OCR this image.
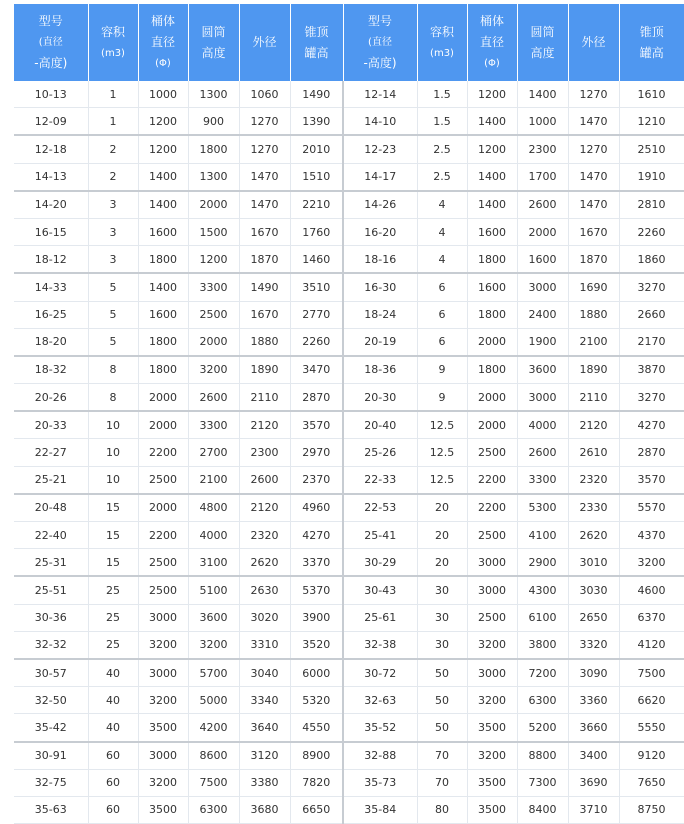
型号
(直径
-高度)	容积
(m3)	桶体
直径
(Φ)	圆筒
高度	外径	锥顶
罐高	型号
(直径
-高度)	容积
(m3)	桶体
直径
(Φ)	圆筒
高度	外径	锥顶
罐高

10-13	1	1000	1300	1060	1490	12-14	1.5	1200	1400	1270	1610
12-09	1	1200	900	1270	1390	14-10	1.5	1400	1000	1470	1210
12-18	2	1200	1800	1270	2010	12-23	2.5	1200	2300	1270	2510
14-13	2	1400	1300	1470	1510	14-17	2.5	1400	1700	1470	1910
14-20	3	1400	2000	1470	2210	14-26	4	1400	2600	1470	2810
16-15	3	1600	1500	1670	1760	16-20	4	1600	2000	1670	2260
18-12	3	1800	1200	1870	1460	18-16	4	1800	1600	1870	1860
14-33	5	1400	3300	1490	3510	16-30	6	1600	3000	1690	3270
16-25	5	1600	2500	1670	2770	18-24	6	1800	2400	1880	2660
18-20	5	1800	2000	1880	2260	20-19	6	2000	1900	2100	2170
18-32	8	1800	3200	1890	3470	18-36	9	1800	3600	1890	3870
20-26	8	2000	2600	2110	2870	20-30	9	2000	3000	2110	3270
20-33	10	2000	3300	2120	3570	20-40	12.5	2000	4000	2120	4270
22-27	10	2200	2700	2300	2970	25-26	12.5	2500	2600	2610	2870
25-21	10	2500	2100	2600	2370	22-33	12.5	2200	3300	2320	3570
20-48	15	2000	4800	2120	4960	22-53	20	2200	5300	2330	5570
22-40	15	2200	4000	2320	4270	25-41	20	2500	4100	2620	4370
25-31	15	2500	3100	2620	3370	30-29	20	3000	2900	3010	3200
25-51	25	2500	5100	2630	5370	30-43	30	3000	4300	3030	4600
30-36	25	3000	3600	3020	3900	25-61	30	2500	6100	2650	6370
32-32	25	3200	3200	3310	3520	32-38	30	3200	3800	3320	4120
30-57	40	3000	5700	3040	6000	30-72	50	3000	7200	3090	7500
32-50	40	3200	5000	3340	5320	32-63	50	3200	6300	3360	6620
35-42	40	3500	4200	3640	4550	35-52	50	3500	5200	3660	5550
30-91	60	3000	8600	3120	8900	32-88	70	3200	8800	3400	9120
32-75	60	3200	7500	3380	7820	35-73	70	3500	7300	3690	7650
35-63	60	3500	6300	3680	6650	35-84	80	3500	8400	3710	8750
